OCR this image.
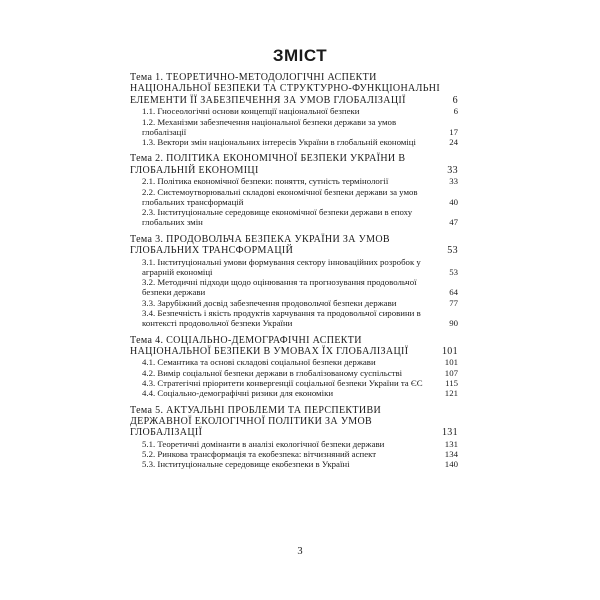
ЗМІСТ
Тема 1. ТЕОРЕТИЧНО-МЕТОДОЛОГІЧНІ АСПЕКТИ НАЦІОНАЛЬНОЇ БЕЗПЕКИ ТА СТРУКТУРНО-ФУНКЦІОНАЛЬНІ ЕЛЕМЕНТИ ЇЇ ЗАБЕЗПЕЧЕННЯ ЗА УМОВ ГЛОБАЛІЗАЦІЇ	6
1.1. Гносеологічні основи концепції національної безпеки	6
1.2. Механізми забезпечення національної безпеки держави за умов глобалізації	17
1.3. Вектори змін національних інтересів України в глобальній економіці	24
Тема 2. ПОЛІТИКА ЕКОНОМІЧНОЇ БЕЗПЕКИ УКРАЇНИ В ГЛОБАЛЬНІЙ ЕКОНОМІЦІ	33
2.1. Політика економічної безпеки: поняття, сутність термінології	33
2.2. Системоутворювальні складові економічної безпеки держави за умов глобальних трансформацій	40
2.3. Інституціональне середовище економічної безпеки держави в епоху глобальних змін	47
Тема 3. ПРОДОВОЛЬЧА БЕЗПЕКА УКРАЇНИ ЗА УМОВ ГЛОБАЛЬНИХ ТРАНСФОРМАЦІЙ	53
3.1. Інституціональні умови формування сектору інноваційних розробок у аграрній економіці	53
3.2. Методичні підходи щодо оцінювання та прогнозування продовольчої безпеки держави	64
3.3. Зарубіжний досвід забезпечення продовольчої безпеки держави	77
3.4. Безпечність і якість продуктів харчування та продовольчої сировини в контексті продовольчої безпеки України	90
Тема 4. СОЦІАЛЬНО-ДЕМОГРАФІЧНІ АСПЕКТИ НАЦІОНАЛЬНОЇ БЕЗПЕКИ В УМОВАХ ЇХ ГЛОБАЛІЗАЦІЇ	101
4.1. Семантика та основі складові соціальної безпеки держави	101
4.2. Вимір соціальної безпеки держави в глобалізованому суспільстві	107
4.3. Стратегічні пріоритети конвергенції соціальної безпеки України та ЄС	115
4.4. Соціально-демографічні ризики для економіки	121
Тема 5. АКТУАЛЬНІ ПРОБЛЕМИ ТА ПЕРСПЕКТИВИ ДЕРЖАВНОЇ ЕКОЛОГІЧНОЇ ПОЛІТИКИ ЗА УМОВ ГЛОБАЛІЗАЦІЇ	131
5.1. Теоретичні домінанти в аналізі екологічної безпеки держави	131
5.2. Ринкова трансформація та екобезпека: вітчизняний аспект	134
5.3. Інституціональне середовище екобезпеки в Україні	140
3
